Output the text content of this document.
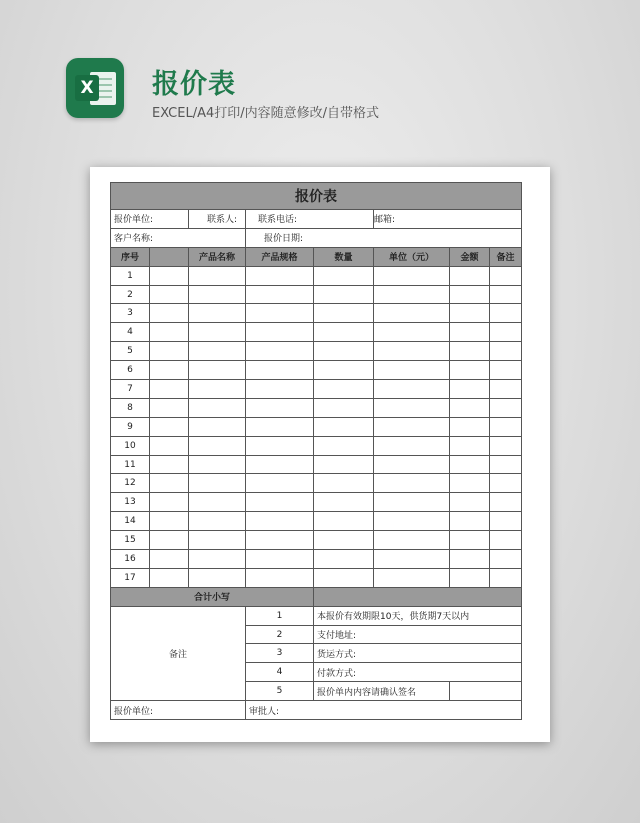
X 报价表
EXCEL/A4打印/内容随意修改/自带格式
报价表							
报价单位:		联系人:	联系电话:		邮箱:		
客户名称:			报价日期:				
序号		产品名称	产品规格	数量	单位（元）	金额	备注
1							
2							
3							
4							
5							
6							
7							
8							
9							
10							
11							
12							
13							
14							
15							
16							
17							
合计小写							
备注			1	本报价有效期限10天，供货期7天以内			
			2	支付地址:			
			3	货运方式:			
			4	付款方式:			
			5	报价单内内容请确认签名			
报价单位:			审批人:				
